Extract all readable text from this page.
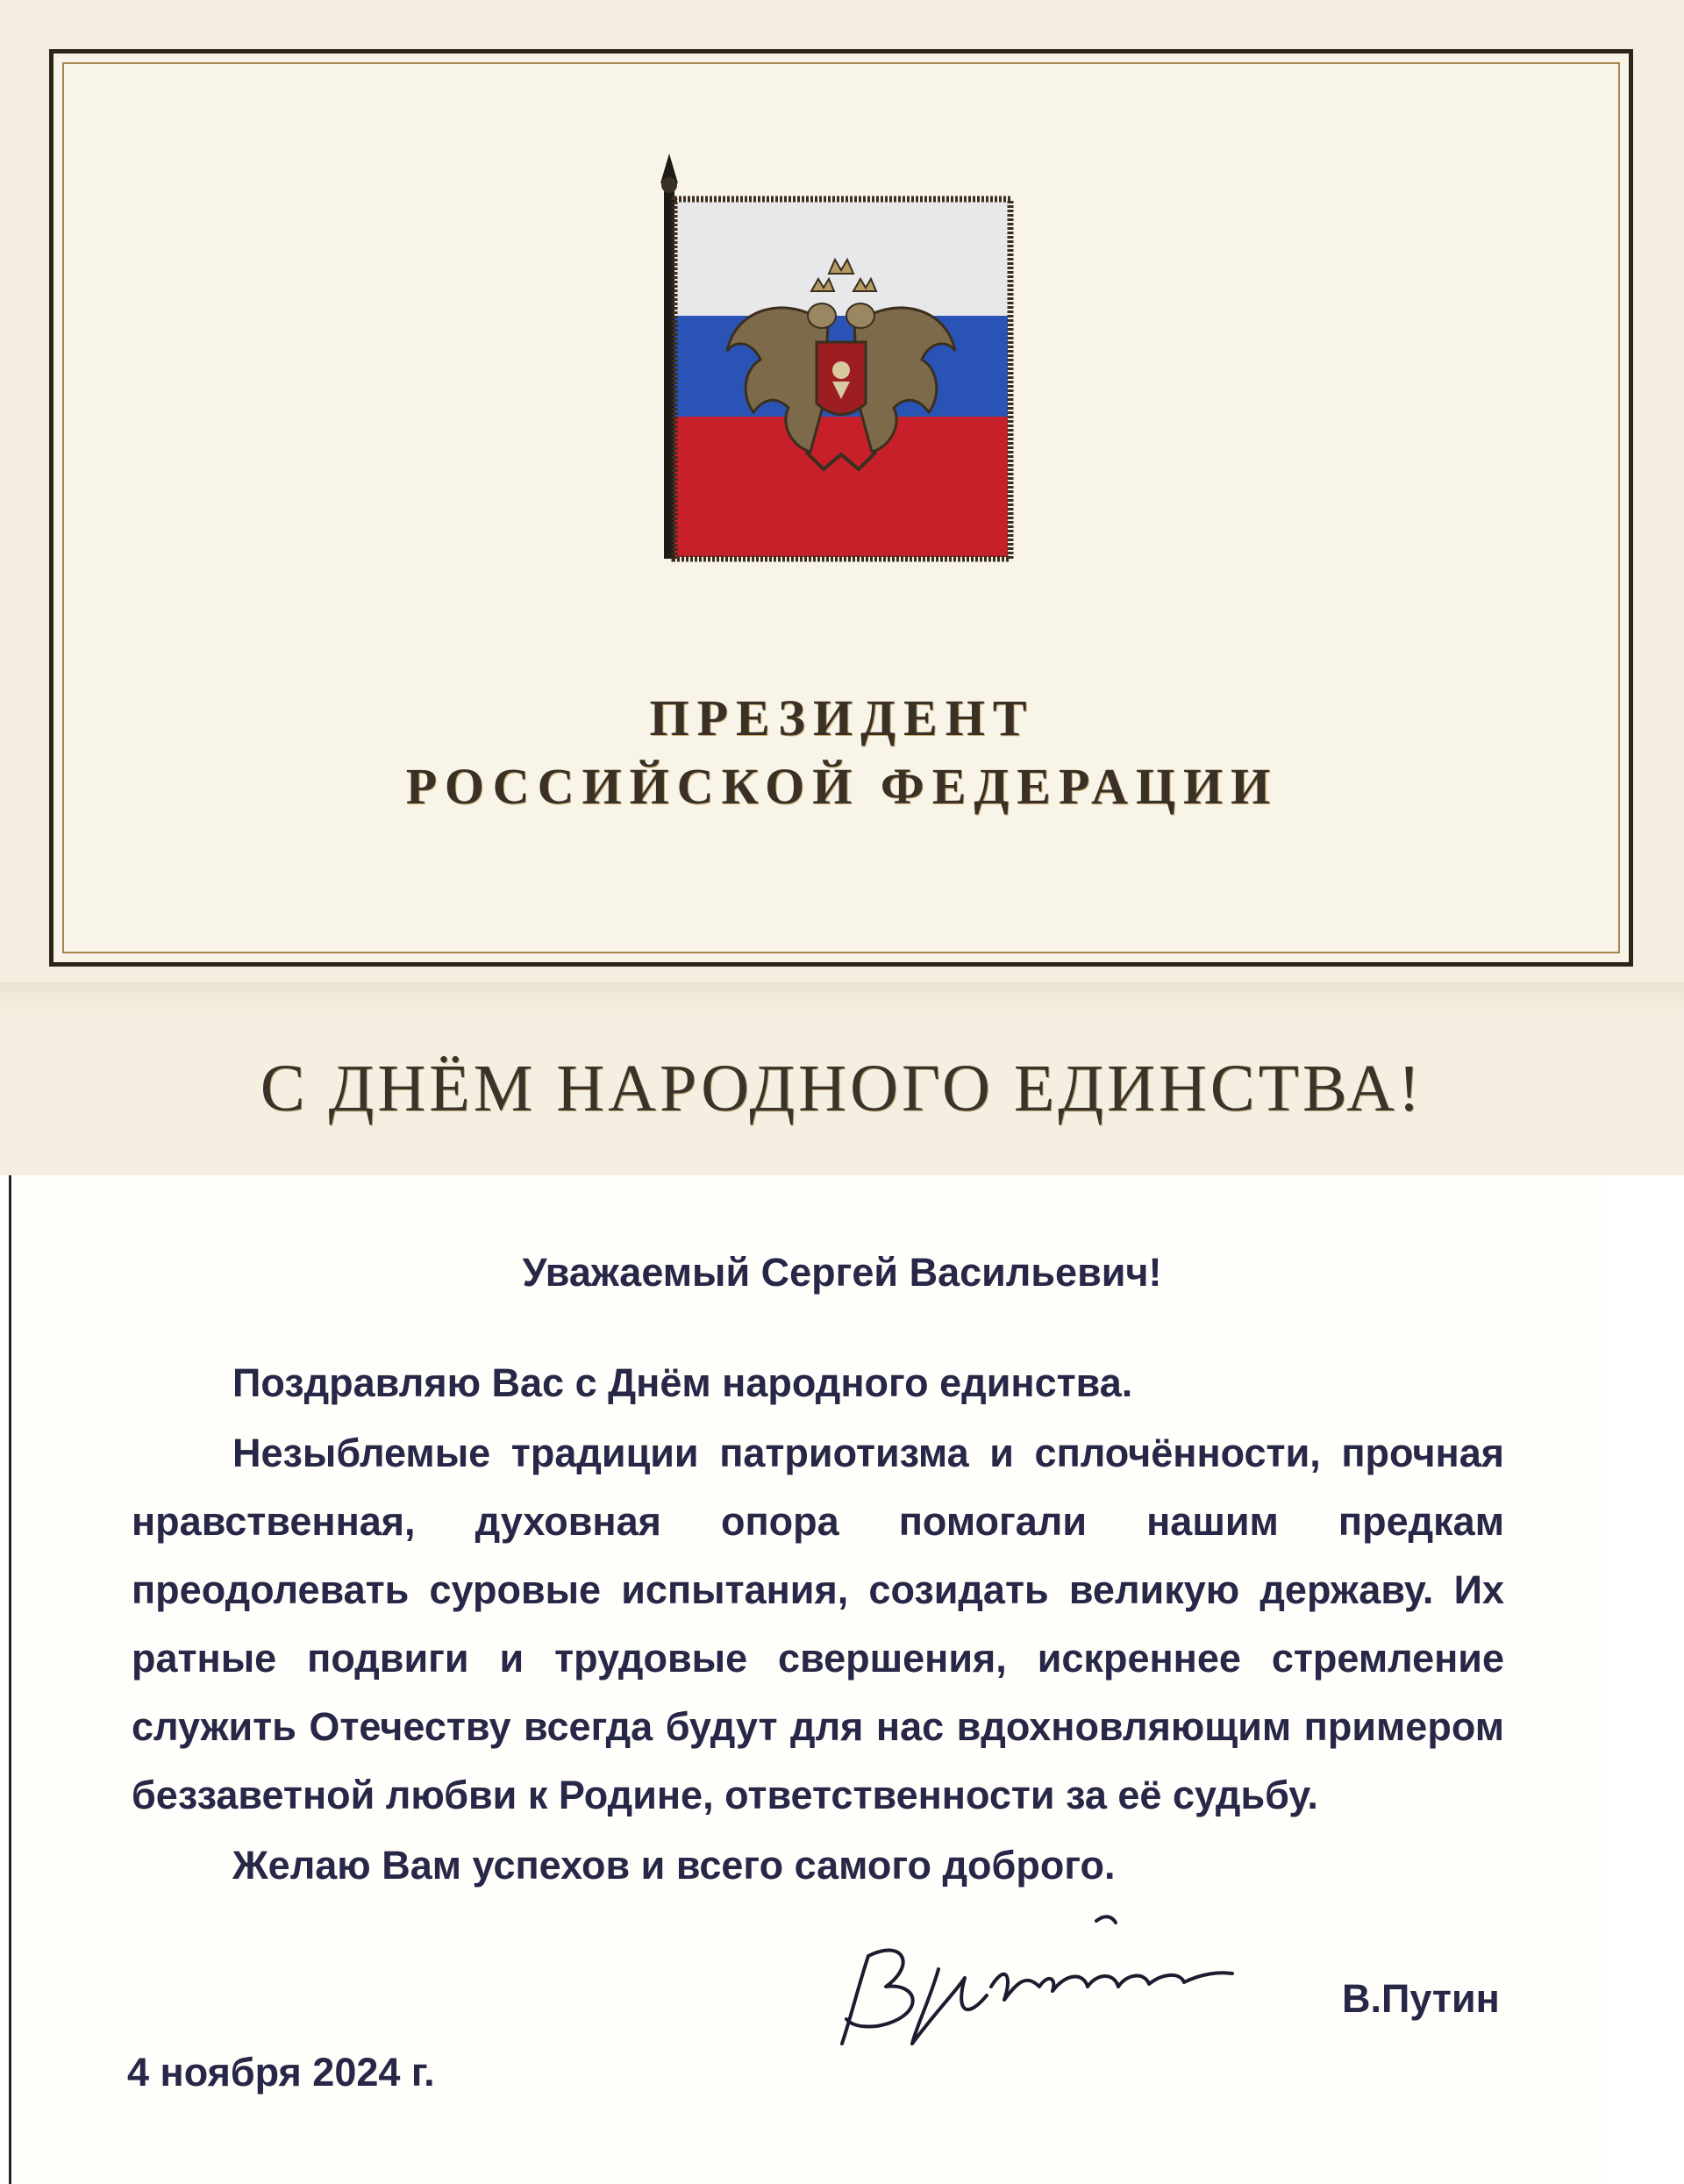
ПРЕЗИДЕНТ
РОССИЙСКОЙ ФЕДЕРАЦИИ
С ДНЁМ НАРОДНОГО ЕДИНСТВА!
Уважаемый Сергей Васильевич!

Поздравляю Вас с Днём народного единства.

Незыблемые традиции патриотизма и сплочённости, прочная нравственная, духовная опора помогали нашим предкам преодолевать суровые испытания, созидать великую державу. Их ратные подвиги и трудовые свершения, искреннее стремление служить Отечеству всегда будут для нас вдохновляющим примером беззаветной любви к Родине, ответственности за её судьбу.

Желаю Вам успехов и всего самого доброго.

В.Путин
4 ноября 2024 г.
